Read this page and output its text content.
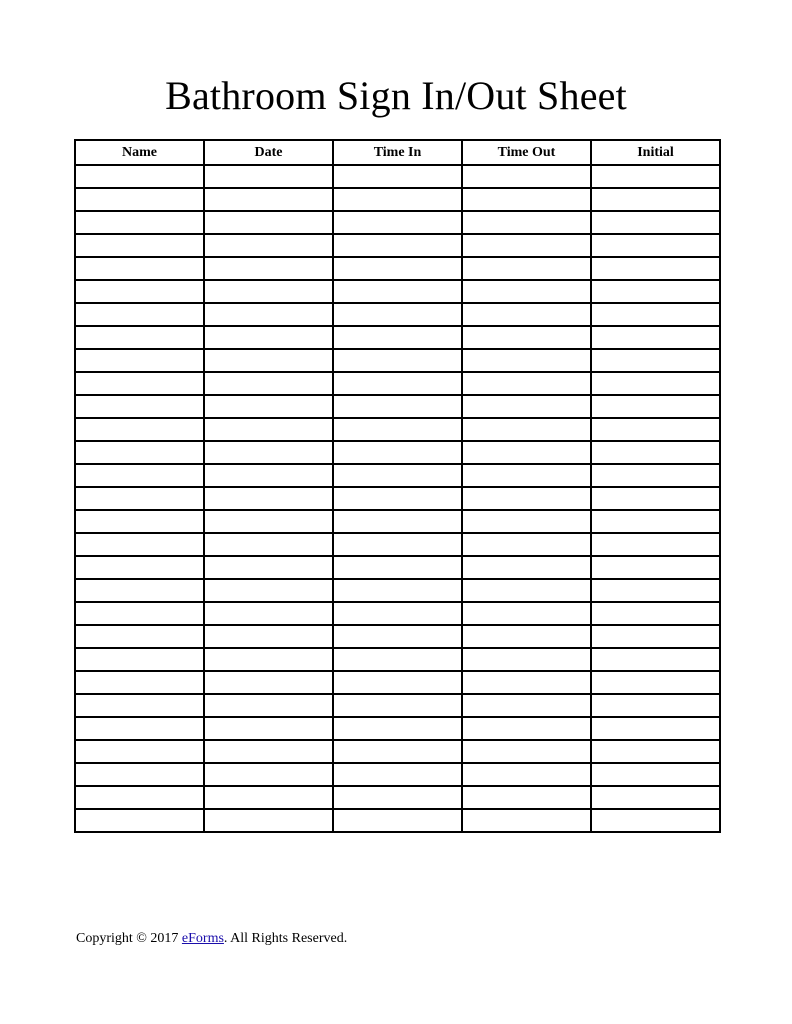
Bathroom Sign In/Out Sheet
Name	Date	Time In	Time Out	Initial

Copyright © 2017 eForms. All Rights Reserved.
